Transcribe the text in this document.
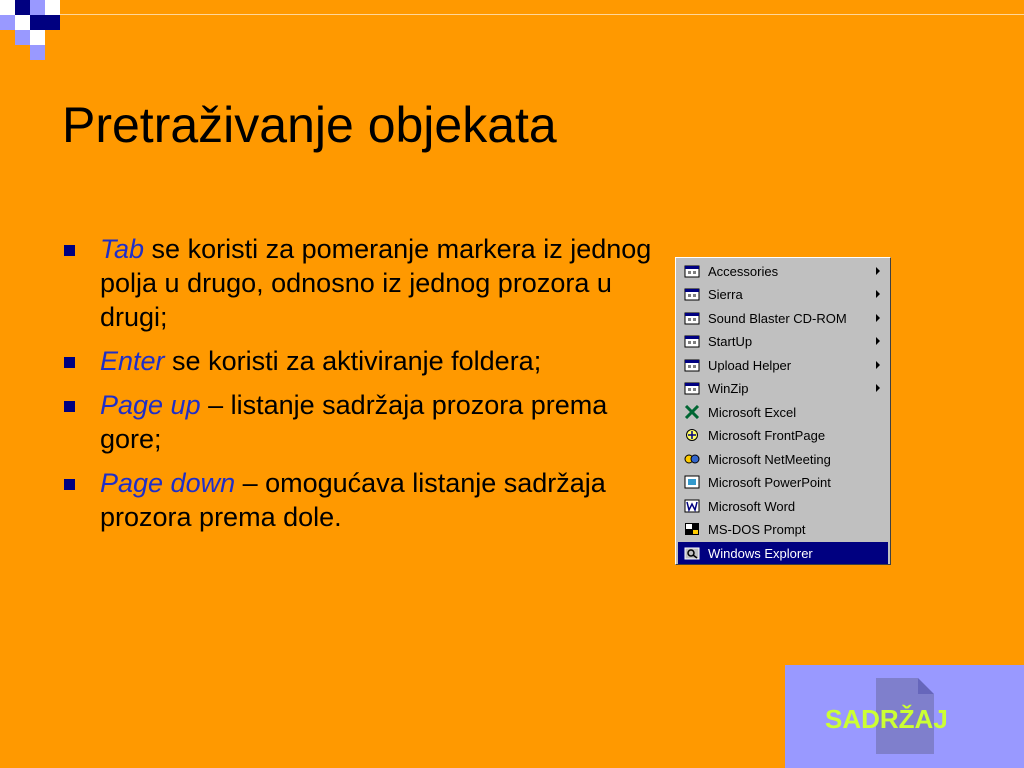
Pretraživanje objekata
Tab se koristi za pomeranje markera iz jednog polja u drugo, odnosno iz jednog prozora u drugi;
Enter se koristi za aktiviranje foldera;
Page up – listanje sadržaja prozora prema gore;
Page down – omogućava listanje sadržaja prozora prema dole.
Accessories
Sierra
Sound Blaster CD-ROM
StartUp
Upload Helper
WinZip
Microsoft Excel
Microsoft FrontPage
Microsoft NetMeeting
Microsoft PowerPoint
Microsoft Word
MS-DOS Prompt
Windows Explorer
SADRŽAJ
